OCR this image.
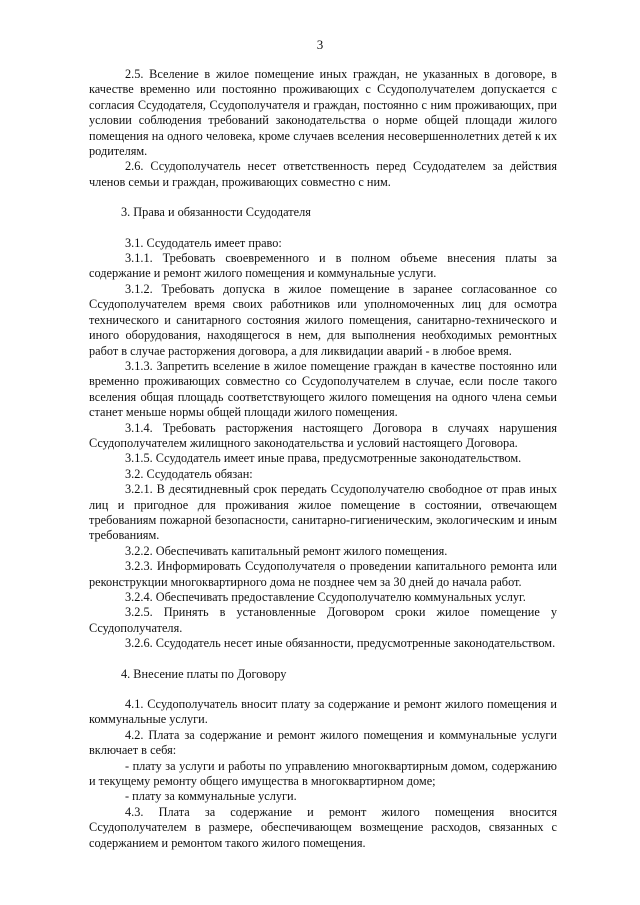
3

2.5. Вселение в жилое помещение иных граждан, не указанных в договоре, в качестве временно или постоянно проживающих с Ссудополучателем допускается с согласия Ссудодателя, Ссудополучателя и граждан, постоянно с ним проживающих, при условии соблюдения требований законодательства о норме общей площади жилого помещения на одного человека, кроме случаев вселения несовершеннолетних детей к их родителям.

2.6. Ссудополучатель несет ответственность перед Ссудодателем за действия членов семьи и граждан, проживающих совместно с ним.

3. Права и обязанности Ссудодателя

3.1. Ссудодатель имеет право:

3.1.1. Требовать своевременного и в полном объеме внесения платы за содержание и ремонт жилого помещения и коммунальные услуги.

3.1.2. Требовать допуска в жилое помещение в заранее согласованное со Ссудополучателем время своих работников или уполномоченных лиц для осмотра технического и санитарного состояния жилого помещения, санитарно-технического и иного оборудования, находящегося в нем, для выполнения необходимых ремонтных работ в случае расторжения договора, а для ликвидации аварий - в любое время.

3.1.3. Запретить вселение в жилое помещение граждан в качестве постоянно или временно проживающих совместно со Ссудополучателем в случае, если после такого вселения общая площадь соответствующего жилого помещения на одного члена семьи станет меньше нормы общей площади жилого помещения.

3.1.4. Требовать расторжения настоящего Договора в случаях нарушения Ссудополучателем жилищного законодательства и условий настоящего Договора.

3.1.5. Ссудодатель имеет иные права, предусмотренные законодательством.

3.2. Ссудодатель обязан:

3.2.1. В десятидневный срок передать Ссудополучателю свободное от прав иных лиц и пригодное для проживания жилое помещение в состоянии, отвечающем требованиям пожарной безопасности, санитарно-гигиеническим, экологическим и иным требованиям.

3.2.2. Обеспечивать капитальный ремонт жилого помещения.

3.2.3. Информировать Ссудополучателя о проведении капитального ремонта или реконструкции многоквартирного дома не позднее чем за 30 дней до начала работ.

3.2.4. Обеспечивать предоставление Ссудополучателю коммунальных услуг.

3.2.5. Принять в установленные Договором сроки жилое помещение у Ссудополучателя.

3.2.6. Ссудодатель несет иные обязанности, предусмотренные законодательством.

4. Внесение платы по Договору

4.1. Ссудополучатель вносит плату за содержание и ремонт жилого помещения и коммунальные услуги.

4.2. Плата за содержание и ремонт жилого помещения и коммунальные услуги включает в себя:

- плату за услуги и работы по управлению многоквартирным домом, содержанию и текущему ремонту общего имущества в многоквартирном доме;

- плату за коммунальные услуги.

4.3. Плата за содержание и ремонт жилого помещения вносится Ссудополучателем в размере, обеспечивающем возмещение расходов, связанных с содержанием и ремонтом такого жилого помещения.
